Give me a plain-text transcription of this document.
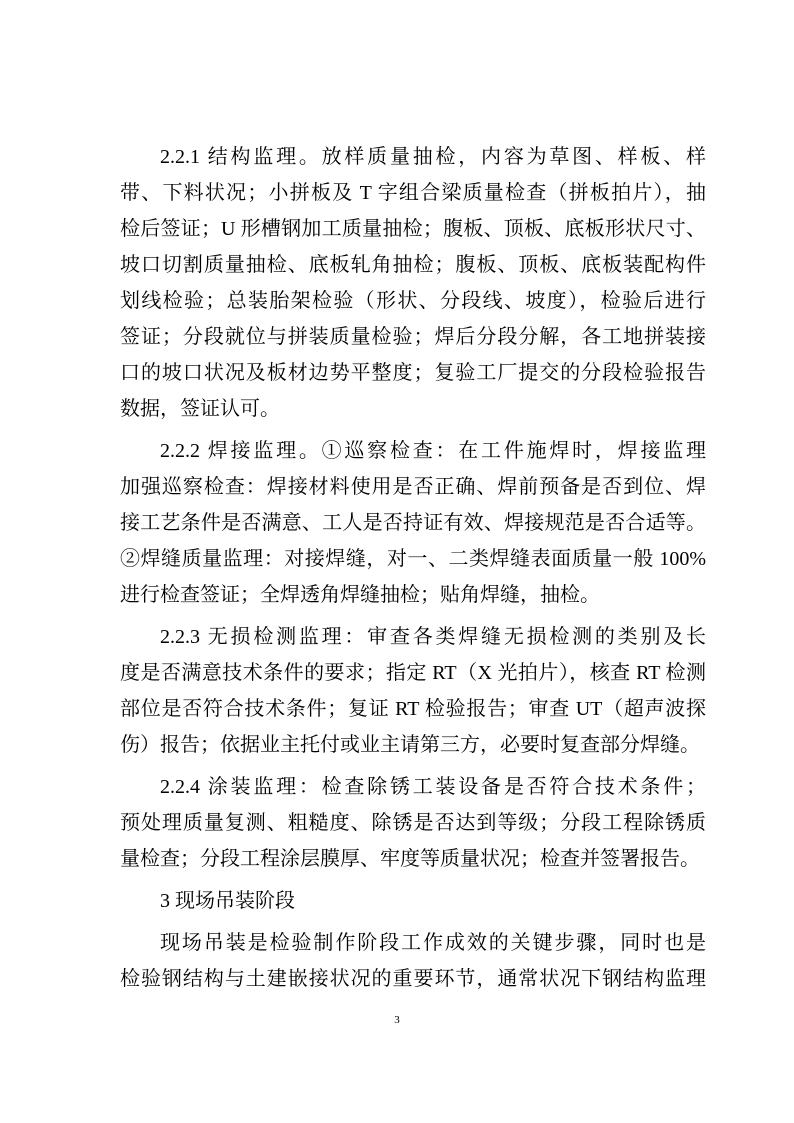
2.2.1 结构监理。放样质量抽检，内容为草图、样板、样
带、下料状况；小拼板及 T 字组合梁质量检查（拼板拍片），抽
检后签证；U 形槽钢加工质量抽检；腹板、顶板、底板形状尺寸、
坡口切割质量抽检、底板轧角抽检；腹板、顶板、底板装配构件
划线检验；总装胎架检验（形状、分段线、坡度），检验后进行
签证；分段就位与拼装质量检验；焊后分段分解，各工地拼装接
口的坡口状况及板材边势平整度；复验工厂提交的分段检验报告
数据，签证认可。
2.2.2 焊接监理。①巡察检查：在工件施焊时，焊接监理
加强巡察检查：焊接材料使用是否正确、焊前预备是否到位、焊
接工艺条件是否满意、工人是否持证有效、焊接规范是否合适等。
②焊缝质量监理：对接焊缝，对一、二类焊缝表面质量一般 100%
进行检查签证；全焊透角焊缝抽检；贴角焊缝，抽检。
2.2.3 无损检测监理：审查各类焊缝无损检测的类别及长
度是否满意技术条件的要求；指定 RT（X 光拍片），核查 RT 检测
部位是否符合技术条件；复证 RT 检验报告；审查 UT（超声波探
伤）报告；依据业主托付或业主请第三方，必要时复查部分焊缝。
2.2.4 涂装监理：检查除锈工装设备是否符合技术条件；
预处理质量复测、粗糙度、除锈是否达到等级；分段工程除锈质
量检查；分段工程涂层膜厚、牢度等质量状况；检查并签署报告。
3 现场吊装阶段
现场吊装是检验制作阶段工作成效的关键步骤，同时也是
检验钢结构与土建嵌接状况的重要环节，通常状况下钢结构监理
3
